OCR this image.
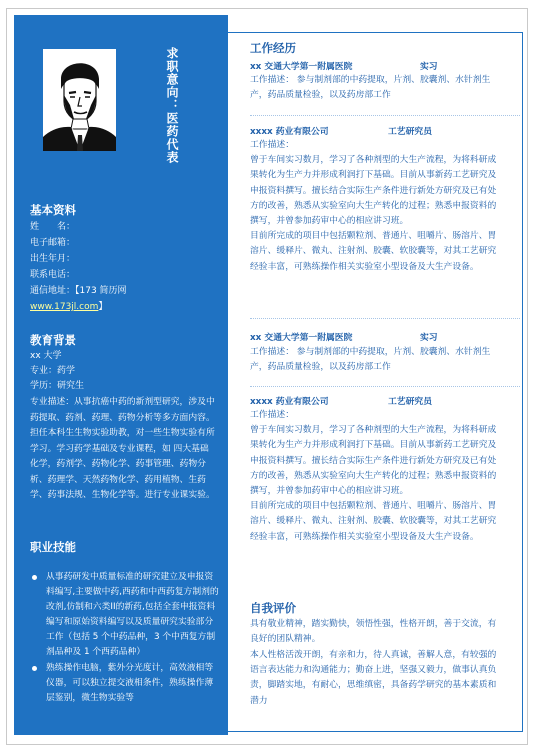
求职意向：医药代表
基本资料
姓　　名：
电子邮箱：
出生年月：
联系电话：
通信地址：【173 简历网
www.173jl.com】
教育背景
xx 大学
专业：药学
学历：研究生
专业描述：从事抗癌中药的新剂型研究，涉及中药提取、药剂、药理、药物分析等多方面内容。担任本科生生物实验助教，对一些生物实验有所学习。学习药学基础及专业课程，如 四大基础化学，药剂学、药物化学、药事管理、药物分析、药理学、天然药物化学、药用植物、生药学、药事法规、生物化学等。进行专业课实验。
职业技能
从事药研发中质量标准的研究建立及申报资料编写,主要做中药,西药和中西药复方制剂的改剂,仿制和六类II的新药,包括全套申报资料编写和原始资料编写以及质量研究实验部分工作（包括 5 个中药品种，3 个中西复方制剂品种及 1 个西药品种）
熟练操作电脑，紫外分光度计，高效液相等仪器，可以独立提交液相条件，熟练操作薄层鉴别，微生物实验等
工作经历
xx 交通大学第一附属医院	实习
工作描述： 参与制剂部的中药提取，片剂、胶囊剂、水针剂生产，药品质量检验，以及药房部工作
xxxx 药业有限公司	工艺研究员
工作描述：
曾于车间实习数月，学习了各种剂型的大生产流程，为将科研成果转化为生产力并形成利润打下基础。目前从事新药工艺研究及申报资料撰写。擅长结合实际生产条件进行新处方研究及已有处方的改善，熟悉从实验室向大生产转化的过程；熟悉申报资料的撰写，并曾参加药审中心的相应讲习班。
目前所完成的项目中包括颗粒剂、普通片、咀嚼片、肠溶片、胃溶片、缓释片、微丸、注射剂、胶囊、软胶囊等，对其工艺研究经验丰富，可熟练操作相关实验室小型设备及大生产设备。
xx 交通大学第一附属医院	实习
工作描述： 参与制剂部的中药提取，片剂、胶囊剂、水针剂生产，药品质量检验，以及药房部工作
xxxx 药业有限公司	工艺研究员
工作描述：
曾于车间实习数月，学习了各种剂型的大生产流程，为将科研成果转化为生产力并形成利润打下基础。目前从事新药工艺研究及申报资料撰写。擅长结合实际生产条件进行新处方研究及已有处方的改善，熟悉从实验室向大生产转化的过程；熟悉申报资料的撰写，并曾参加药审中心的相应讲习班。
目前所完成的项目中包括颗粒剂、普通片、咀嚼片、肠溶片、胃溶片、缓释片、微丸、注射剂、胶囊、软胶囊等，对其工艺研究经验丰富，可熟练操作相关实验室小型设备及大生产设备。
自我评价
具有敬业精神，踏实勤快，领悟性强，性格开朗，善于交流，有良好的团队精神。
本人性格活泼开朗，有亲和力，待人真诚，善解人意，有较强的语言表达能力和沟通能力；勤奋上进，坚强又毅力，做事认真负责，脚踏实地，有耐心，思维缜密，具备药学研究的基本素质和潜力
